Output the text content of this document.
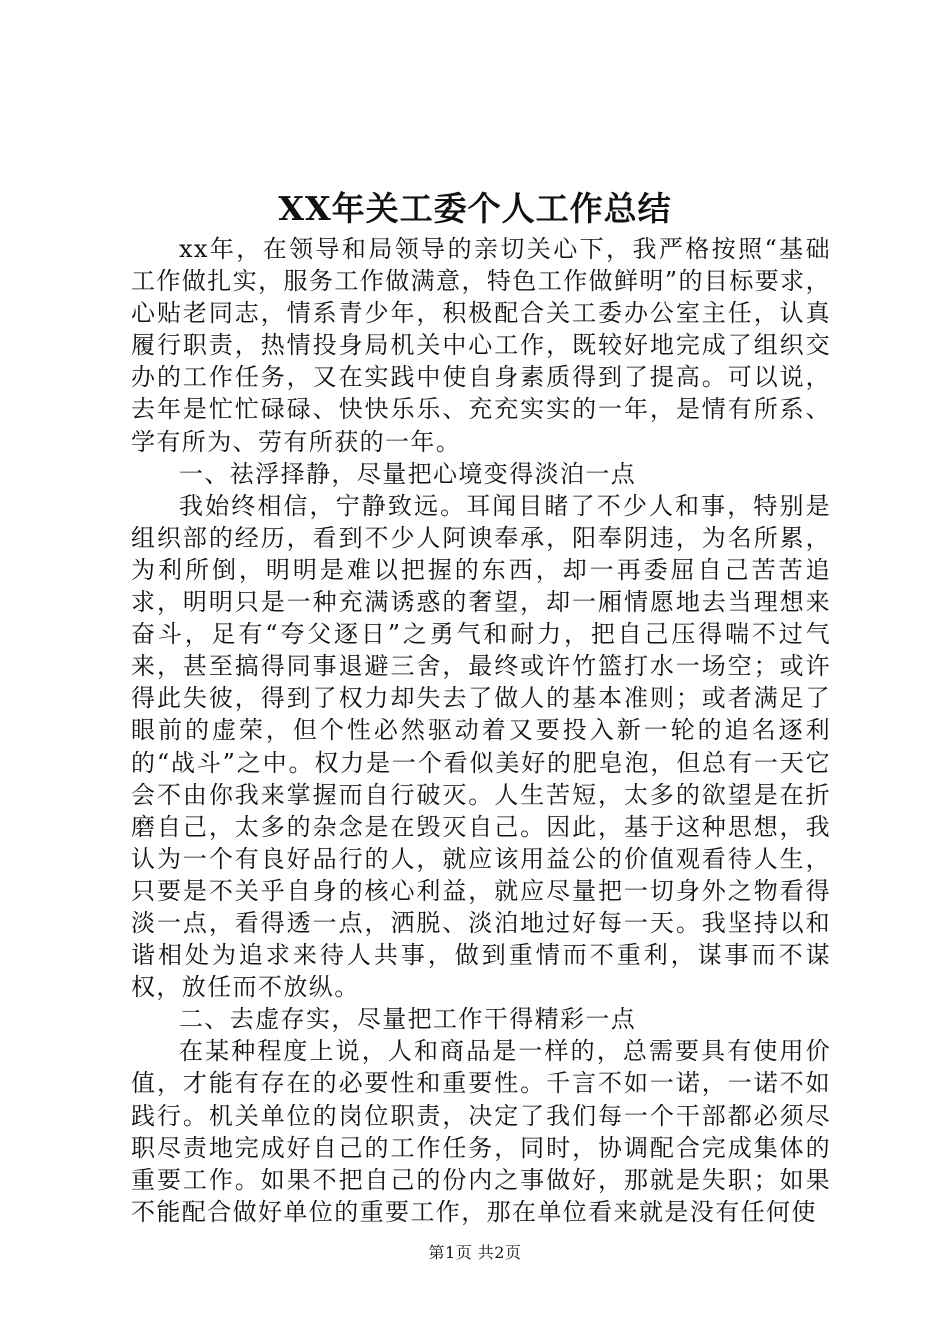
XX年关工委个人工作总结

xx年，在领导和局领导的亲切关心下，我严格按照“基础工作做扎实，服务工作做满意，特色工作做鲜明”的目标要求，心贴老同志，情系青少年，积极配合关工委办公室主任，认真履行职责，热情投身局机关中心工作，既较好地完成了组织交办的工作任务，又在实践中使自身素质得到了提高。可以说，去年是忙忙碌碌、快快乐乐、充充实实的一年，是情有所系、学有所为、劳有所获的一年。

一、祛浮择静，尽量把心境变得淡泊一点

我始终相信，宁静致远。耳闻目睹了不少人和事，特别是组织部的经历，看到不少人阿谀奉承，阳奉阴违，为名所累，为利所倒，明明是难以把握的东西，却一再委屈自己苦苦追求，明明只是一种充满诱惑的奢望，却一厢情愿地去当理想来奋斗，足有“夸父逐日”之勇气和耐力，把自己压得喘不过气来，甚至搞得同事退避三舍，最终或许竹篮打水一场空；或许得此失彼，得到了权力却失去了做人的基本准则；或者满足了眼前的虚荣，但个性必然驱动着又要投入新一轮的追名逐利的“战斗”之中。权力是一个看似美好的肥皂泡，但总有一天它会不由你我来掌握而自行破灭。人生苦短，太多的欲望是在折磨自己，太多的杂念是在毁灭自己。因此，基于这种思想，我认为一个有良好品行的人，就应该用益公的价值观看待人生，只要是不关乎自身的核心利益，就应尽量把一切身外之物看得淡一点，看得透一点，洒脱、淡泊地过好每一天。我坚持以和谐相处为追求来待人共事，做到重情而不重利，谋事而不谋权，放任而不放纵。

二、去虚存实，尽量把工作干得精彩一点

在某种程度上说，人和商品是一样的，总需要具有使用价值，才能有存在的必要性和重要性。千言不如一诺，一诺不如践行。机关单位的岗位职责，决定了我们每一个干部都必须尽职尽责地完成好自己的工作任务，同时，协调配合完成集体的重要工作。如果不把自己的份内之事做好，那就是失职；如果不能配合做好单位的重要工作，那在单位看来就是没有任何使

第1页 共2页
